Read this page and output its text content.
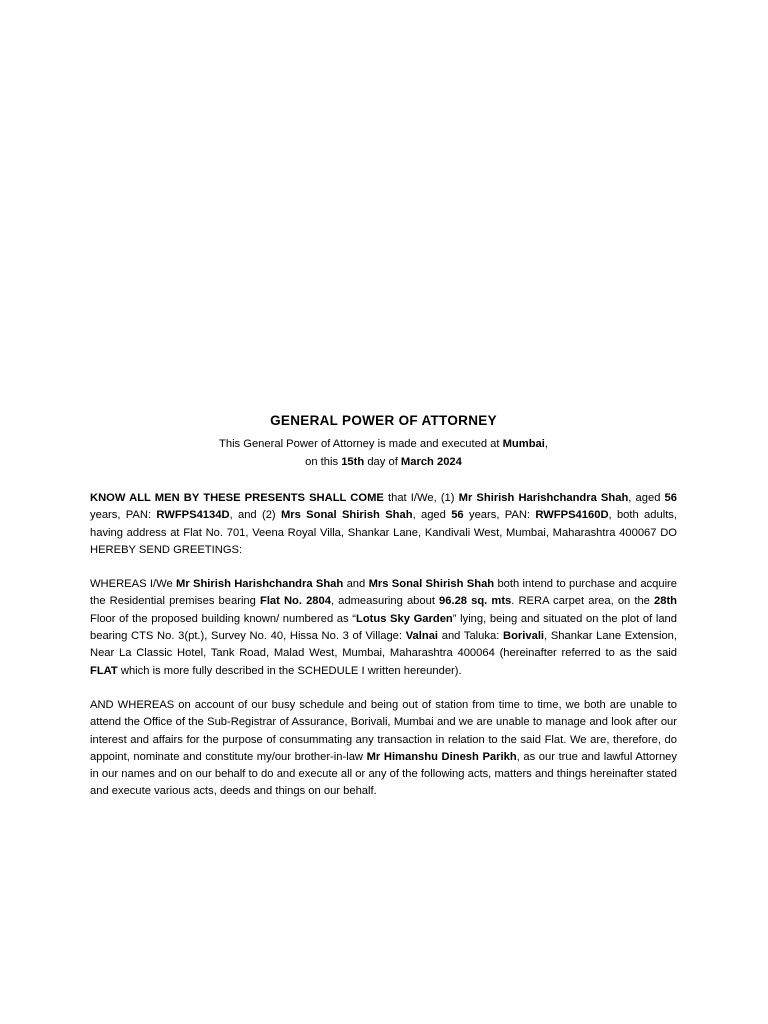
GENERAL POWER OF ATTORNEY

This General Power of Attorney is made and executed at Mumbai,

on this 15th day of March 2024

KNOW ALL MEN BY THESE PRESENTS SHALL COME that I/We, (1) Mr Shirish Harishchandra Shah, aged 56 years, PAN: RWFPS4134D, and (2) Mrs Sonal Shirish Shah, aged 56 years, PAN: RWFPS4160D, both adults, having address at Flat No. 701, Veena Royal Villa, Shankar Lane, Kandivali West, Mumbai, Maharashtra 400067 DO HEREBY SEND GREETINGS:

WHEREAS I/We Mr Shirish Harishchandra Shah and Mrs Sonal Shirish Shah both intend to purchase and acquire the Residential premises bearing Flat No. 2804, admeasuring about 96.28 sq. mts. RERA carpet area, on the 28th Floor of the proposed building known/ numbered as “Lotus Sky Garden” lying, being and situated on the plot of land bearing CTS No. 3(pt.), Survey No. 40, Hissa No. 3 of Village: Valnai and Taluka: Borivali, Shankar Lane Extension, Near La Classic Hotel, Tank Road, Malad West, Mumbai, Maharashtra 400064 (hereinafter referred to as the said FLAT which is more fully described in the SCHEDULE I written hereunder).

AND WHEREAS on account of our busy schedule and being out of station from time to time, we both are unable to attend the Office of the Sub-Registrar of Assurance, Borivali, Mumbai and we are unable to manage and look after our interest and affairs for the purpose of consummating any transaction in relation to the said Flat. We are, therefore, do appoint, nominate and constitute my/our brother-in-law Mr Himanshu Dinesh Parikh, as our true and lawful Attorney in our names and on our behalf to do and execute all or any of the following acts, matters and things hereinafter stated and execute various acts, deeds and things on our behalf.
